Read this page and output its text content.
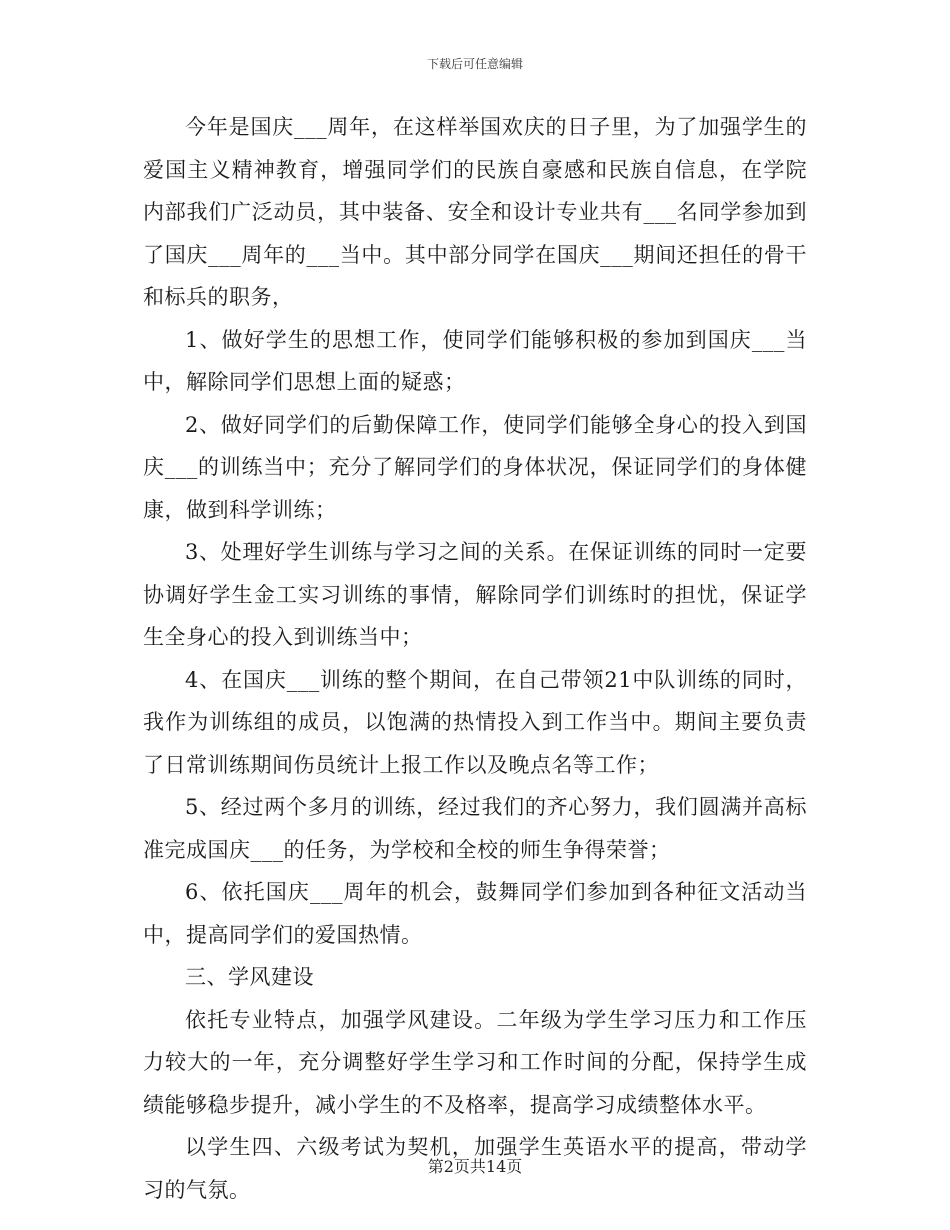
下载后可任意编辑

今年是国庆___周年，在这样举国欢庆的日子里，为了加强学生的爱国主义精神教育，增强同学们的民族自豪感和民族自信息，在学院内部我们广泛动员，其中装备、安全和设计专业共有___名同学参加到了国庆___周年的___当中。其中部分同学在国庆___期间还担任的骨干和标兵的职务，

1、做好学生的思想工作，使同学们能够积极的参加到国庆___当中，解除同学们思想上面的疑惑；

2、做好同学们的后勤保障工作，使同学们能够全身心的投入到国庆___的训练当中；充分了解同学们的身体状况，保证同学们的身体健康，做到科学训练；

3、处理好学生训练与学习之间的关系。在保证训练的同时一定要协调好学生金工实习训练的事情，解除同学们训练时的担忧，保证学生全身心的投入到训练当中；

4、在国庆___训练的整个期间，在自己带领21中队训练的同时，我作为训练组的成员，以饱满的热情投入到工作当中。期间主要负责了日常训练期间伤员统计上报工作以及晚点名等工作；

5、经过两个多月的训练，经过我们的齐心努力，我们圆满并高标准完成国庆___的任务，为学校和全校的师生争得荣誉；

6、依托国庆___周年的机会，鼓舞同学们参加到各种征文活动当中，提高同学们的爱国热情。

三、学风建设

依托专业特点，加强学风建设。二年级为学生学习压力和工作压力较大的一年，充分调整好学生学习和工作时间的分配，保持学生成绩能够稳步提升，减小学生的不及格率，提高学习成绩整体水平。

以学生四、六级考试为契机，加强学生英语水平的提高，带动学习的气氛。

第2页共14页
